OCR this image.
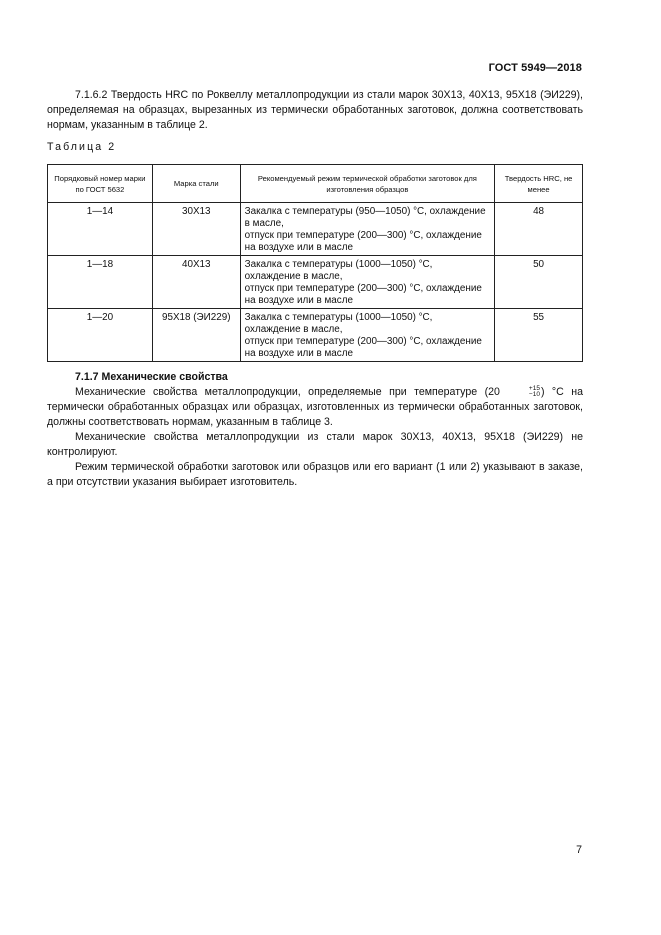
ГОСТ 5949—2018

7.1.6.2 Твердость HRC по Роквеллу металлопродукции из стали марок 30Х13, 40Х13, 95Х18 (ЭИ229), определяемая на образцах, вырезанных из термически обработанных заготовок, должна соответствовать нормам, указанным в таблице 2.

Таблица 2
Порядковый номер марки по ГОСТ 5632	Марка стали	Рекомендуемый режим термической обработки заготовок для изготовления образцов	Твердость HRC, не менее
1—14	30Х13	Закалка с температуры (950—1050) °С, охлаждение в масле,
отпуск при температуре (200—300) °С, охлаждение на воздухе или в масле	48
1—18	40Х13	Закалка с температуры (1000—1050) °С, охлаждение в масле,
отпуск при температуре (200—300) °С, охлаждение на воздухе или в масле	50
1—20	95Х18 (ЭИ229)	Закалка с температуры (1000—1050) °С, охлаждение в масле,
отпуск при температуре (200—300) °С, охлаждение на воздухе или в масле	55

7.1.7 Механические свойства

Механические свойства металлопродукции, определяемые при температуре (20	+15
−10 ) °С на термически обработанных образцах или образцах, изготовленных из термически обработанных заготовок, должны соответствовать нормам, указанным в таблице 3.

Механические свойства металлопродукции из стали марок 30Х13, 40Х13, 95Х18 (ЭИ229) не контролируют.

Режим термической обработки заготовок или образцов или его вариант (1 или 2) указывают в заказе, а при отсутствии указания выбирает изготовитель.

7
